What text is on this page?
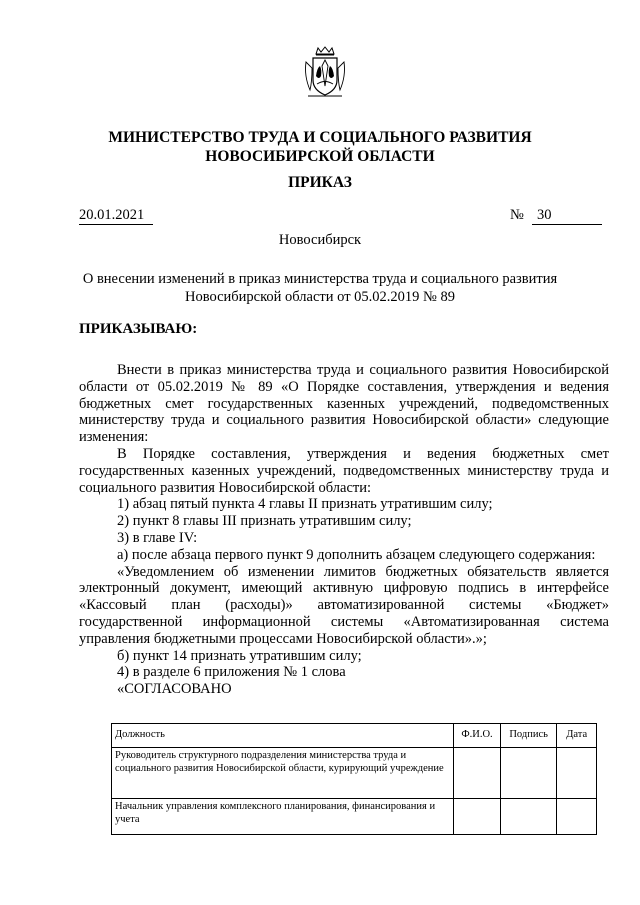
МИНИСТЕРСТВО ТРУДА И СОЦИАЛЬНОГО РАЗВИТИЯ
НОВОСИБИРСКОЙ ОБЛАСТИ
ПРИКАЗ
20.01.2021	№ 30
Новосибирск
О внесении изменений в приказ министерства труда и социального развития
Новосибирской области от 05.02.2019 № 89
ПРИКАЗЫВАЮ:

Внести в приказ министерства труда и социального развития Новосибирской области от 05.02.2019 № 89 «О Порядке составления, утверждения и ведения бюджетных смет государственных казенных учреждений, подведомственных министерству труда и социального развития Новосибирской области» следующие изменения:

В Порядке составления, утверждения и ведения бюджетных смет государственных казенных учреждений, подведомственных министерству труда и социального развития Новосибирской области:

1) абзац пятый пункта 4 главы II признать утратившим силу;

2) пункт 8 главы III признать утратившим силу;

3) в главе IV:

а) после абзаца первого пункт 9 дополнить абзацем следующего содержания:

«Уведомлением об изменении лимитов бюджетных обязательств является электронный документ, имеющий активную цифровую подпись в интерфейсе «Кассовый план (расходы)» автоматизированной системы «Бюджет» государственной информационной системы «Автоматизированная система управления бюджетными процессами Новосибирской области».»;

б) пункт 14 признать утратившим силу;

4) в разделе 6 приложения № 1 слова

«СОГЛАСОВАНО

Должность	Ф.И.О.	Подпись	Дата
Руководитель структурного подразделения министерства труда и социального развития Новосибирской области, курирующий учреждение			
Начальник управления комплексного планирования, финансирования и учета			
